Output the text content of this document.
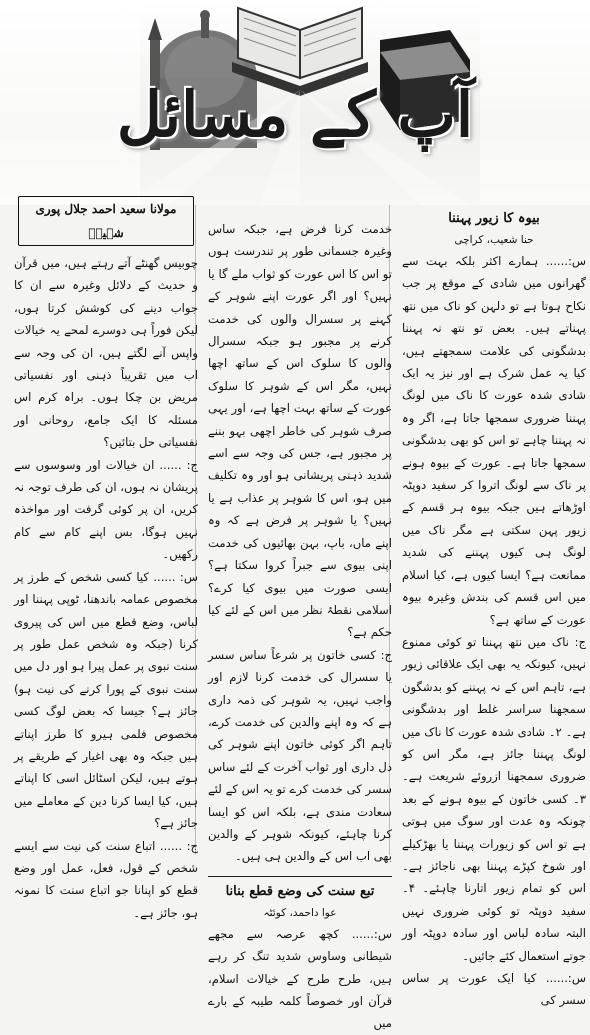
آپ کے مسائل
بیوہ کا زیور پہننا
حنا شعیب، کراچی

س:...... ہمارے اکثر بلکہ بہت سے گھرانوں میں شادی کے موقع پر جب نکاح ہوتا ہے تو دلہن کو ناک میں نتھ پہناتے ہیں۔ بعض تو نتھ نہ پہننا بدشگونی کی علامت سمجھتے ہیں، کیا یہ عمل شرک ہے اور نیز یہ ایک شادی شدہ عورت کا ناک میں لونگ پہننا ضروری سمجھا جاتا ہے، اگر وہ نہ پہننا چاہے تو اس کو بھی بدشگونی سمجھا جاتا ہے۔ عورت کے بیوہ ہونے پر ناک سے لونگ اتروا کر سفید دوپٹہ اوڑھاتے ہیں جبکہ بیوہ ہر قسم کے زیور پہن سکتی ہے مگر ناک میں لونگ ہی کیوں پہننے کی شدید ممانعت ہے؟ ایسا کیوں ہے، کیا اسلام میں اس قسم کی بندش وغیرہ بیوہ عورت کے ساتھ ہے؟

ج: ناک میں نتھ پہننا تو کوئی ممنوع نہیں، کیونکہ یہ بھی ایک علاقائی زیور ہے، تاہم اس کے نہ پہننے کو بدشگون سمجھنا سراسر غلط اور بدشگونی ہے۔ ۲۔ شادی شدہ عورت کا ناک میں لونگ پہننا جائز ہے، مگر اس کو ضروری سمجھنا ازروئے شریعت ہے۔ ۳۔ کسی خاتون کے بیوہ ہونے کے بعد چونکہ وہ عدت اور سوگ میں ہوتی ہے تو اس کو زیورات پہننا یا بھڑکیلے اور شوخ کپڑے پہننا بھی ناجائز ہے۔ اس کو تمام زیور اتارنا چاہئے۔ ۴۔ سفید دوپٹہ تو کوئی ضروری نہیں البتہ سادہ لباس اور سادہ دوپٹہ اور جوتے استعمال کئے جائیں۔

س:...... کیا ایک عورت پر ساس سسر کی

خدمت کرنا فرض ہے، جبکہ ساس وغیرہ جسمانی طور پر تندرست ہوں تو اس کا اس عورت کو ثواب ملے گا یا نہیں؟ اور اگر عورت اپنے شوہر کے کہنے پر سسرال والوں کی خدمت کرنے پر مجبور ہو جبکہ سسرال والوں کا سلوک اس کے ساتھ اچھا نہیں، مگر اس کے شوہر کا سلوک عورت کے ساتھ بہت اچھا ہے، اور یہی صرف شوہر کی خاطر اچھی بہو بننے پر مجبور ہے، جس کی وجہ سے اسے شدید ذہنی پریشانی ہو اور وہ تکلیف میں ہو، اس کا شوہر پر عذاب ہے یا نہیں؟ یا شوہر پر فرض ہے کہ وہ اپنے ماں، باپ، بہن بھائیوں کی خدمت اپنی بیوی سے جبراً کروا سکتا ہے؟ ایسی صورت میں بیوی کیا کرے؟ اسلامی نقطۂ نظر میں اس کے لئے کیا حکم ہے؟

ج: کسی خاتون پر شرعاً ساس سسر یا سسرال کی خدمت کرنا لازم اور واجب نہیں، یہ شوہر کی ذمہ داری ہے کہ وہ اپنے والدین کی خدمت کرے، تاہم اگر کوئی خاتون اپنے شوہر کی دل داری اور ثواب آخرت کے لئے ساس سسر کی خدمت کرے تو یہ اس کے لئے سعادت مندی ہے، بلکہ اس کو ایسا کرنا چاہئے، کیونکہ شوہر کے والدین بھی اب اس کے والدین ہی ہیں۔

تبع سنت کی وضع قطع بنانا
عوا داحمد، کوئٹہ

س:...... کچھ عرصہ سے مجھے شیطانی وساوس شدید تنگ کر رہے ہیں، طرح طرح کے خیالات اسلام، قرآن اور خصوصاً کلمہ طیبہ کے بارے میں

مولانا سعید احمد جلال پوری شہیدؒ

چوبیس گھنٹے آتے رہتے ہیں، میں قرآن و حدیث کے دلائل وغیرہ سے ان کا جواب دینے کی کوشش کرتا ہوں، لیکن فوراً ہی دوسرے لمحے یہ خیالات واپس آنے لگتے ہیں، ان کی وجہ سے اب میں تقریباً ذہنی اور نفسیاتی مریض بن چکا ہوں۔ براہ کرم اس مسئلہ کا ایک جامع، روحانی اور نفسیاتی حل بتائیں؟

ج: ...... ان خیالات اور وسوسوں سے پریشان نہ ہوں، ان کی طرف توجہ نہ کریں، ان پر کوئی گرفت اور مواخذہ نہیں ہوگا، بس اپنے کام سے کام رکھیں۔

س: ...... کیا کسی شخص کے طرز پر مخصوص عمامہ باندھنا، ٹوپی پہننا اور لباس، وضع قطع میں اس کی پیروی کرنا (جبکہ وہ شخص عمل طور پر سنت نبوی پر عمل پیرا ہو اور دل میں سنت نبوی کے پورا کرنے کی نیت ہو) جائز ہے؟ جیسا کہ بعض لوگ کسی مخصوص فلمی ہیرو کا طرز اپناتے ہیں جبکہ وہ بھی اغیار کے طریقے پر ہوتے ہیں، لیکن اسٹائل اسی کا اپناتے ہیں، کیا ایسا کرنا دین کے معاملے میں جائز ہے؟

ج: ...... اتباع سنت کی نیت سے ایسے شخص کے قول، فعل، عمل اور وضع قطع کو اپنانا جو اتباع سنت کا نمونہ ہو، جائز ہے۔
